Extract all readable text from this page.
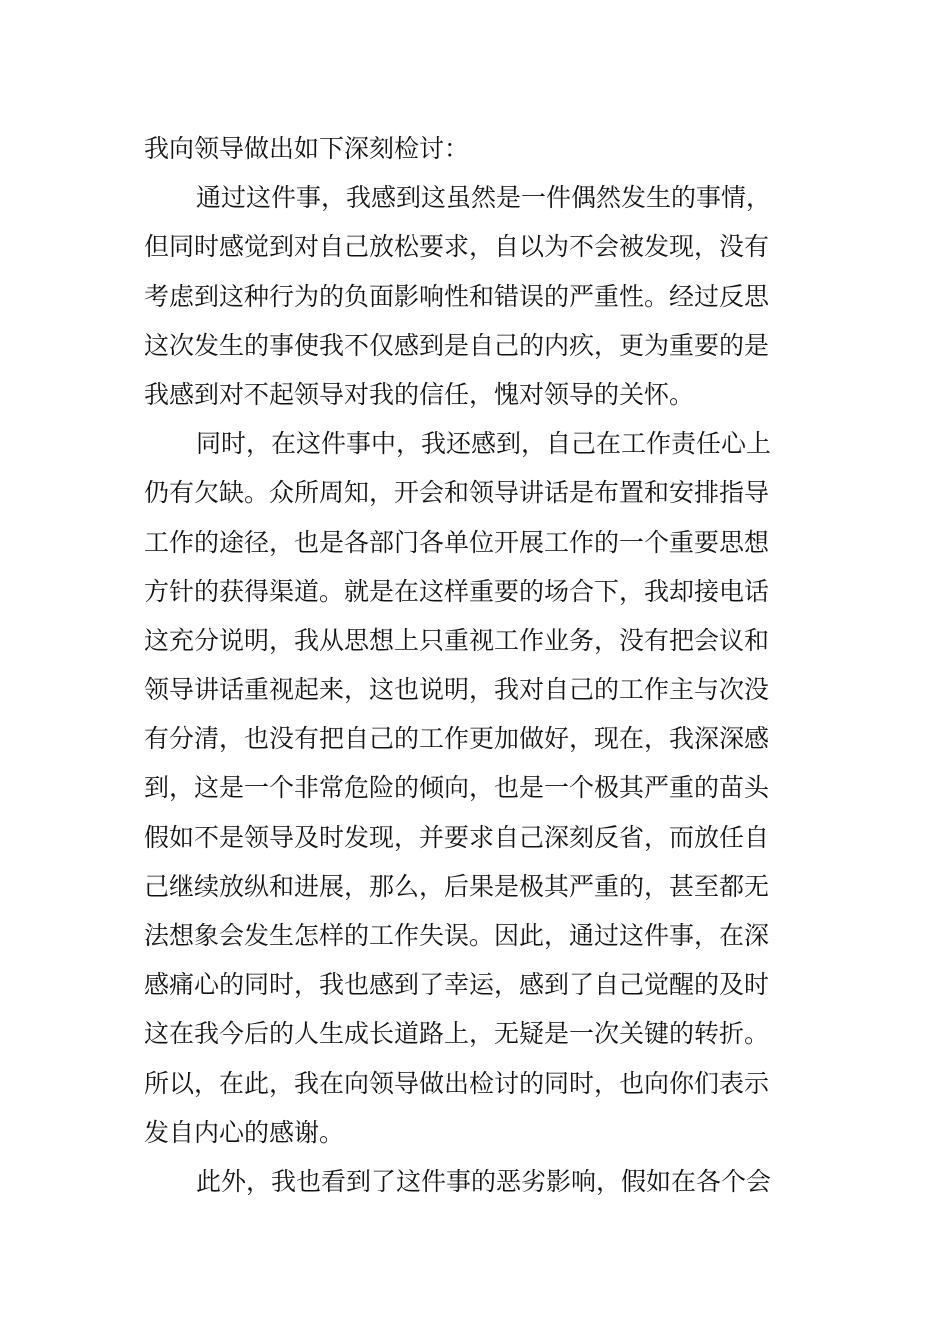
我向领导做出如下深刻检讨：
通过这件事，我感到这虽然是一件偶然发生的事情，
但同时感觉到对自己放松要求，自以为不会被发现，没有
考虑到这种行为的负面影响性和错误的严重性。经过反思
这次发生的事使我不仅感到是自己的内疚，更为重要的是
我感到对不起领导对我的信任，愧对领导的关怀。
同时，在这件事中，我还感到，自己在工作责任心上
仍有欠缺。众所周知，开会和领导讲话是布置和安排指导
工作的途径，也是各部门各单位开展工作的一个重要思想
方针的获得渠道。就是在这样重要的场合下，我却接电话
这充分说明，我从思想上只重视工作业务，没有把会议和
领导讲话重视起来，这也说明，我对自己的工作主与次没
有分清，也没有把自己的工作更加做好，现在，我深深感
到，这是一个非常危险的倾向，也是一个极其严重的苗头
假如不是领导及时发现，并要求自己深刻反省，而放任自
己继续放纵和进展，那么，后果是极其严重的，甚至都无
法想象会发生怎样的工作失误。因此，通过这件事，在深
感痛心的同时，我也感到了幸运，感到了自己觉醒的及时
这在我今后的人生成长道路上，无疑是一次关键的转折。
所以，在此，我在向领导做出检讨的同时，也向你们表示
发自内心的感谢。
此外，我也看到了这件事的恶劣影响，假如在各个会
